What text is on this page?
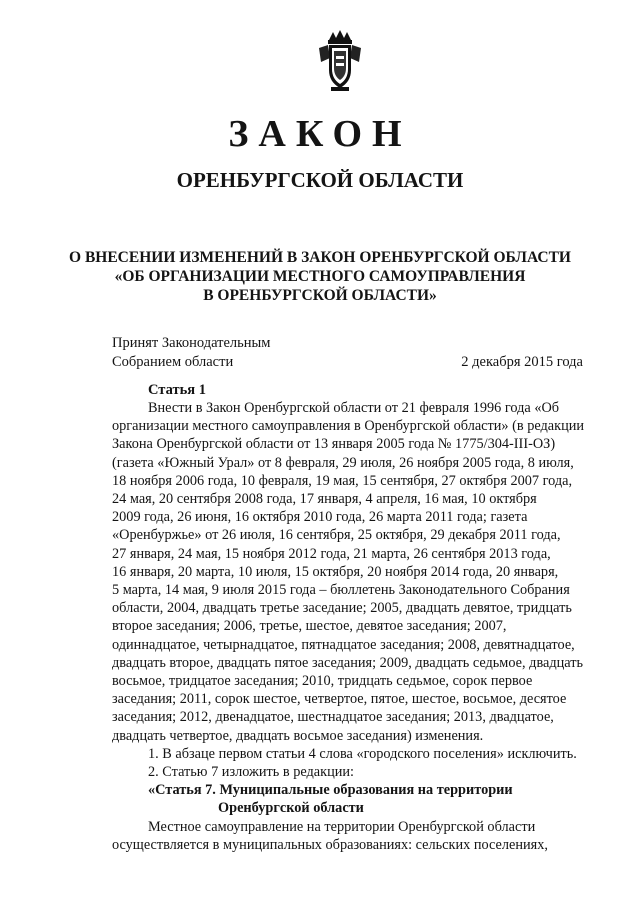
ЗАКОН
ОРЕНБУРГСКОЙ ОБЛАСТИ
О ВНЕСЕНИИ ИЗМЕНЕНИЙ В ЗАКОН ОРЕНБУРГСКОЙ ОБЛАСТИ
«ОБ ОРГАНИЗАЦИИ МЕСТНОГО САМОУПРАВЛЕНИЯ
В ОРЕНБУРГСКОЙ ОБЛАСТИ»
Принят Законодательным
Собранием области	2 декабря 2015 года
Статья 1
Внести в Закон Оренбургской области от 21 февраля 1996 года «Об
организации местного самоуправления в Оренбургской области» (в редакции
Закона Оренбургской области от 13 января 2005 года № 1775/304-III-ОЗ)
(газета «Южный Урал» от 8 февраля, 29 июля, 26 ноября 2005 года, 8 июля,
18 ноября 2006 года, 10 февраля, 19 мая, 15 сентября, 27 октября 2007 года,
24 мая, 20 сентября 2008 года, 17 января, 4 апреля, 16 мая, 10 октября
2009 года, 26 июня, 16 октября 2010 года, 26 марта 2011 года; газета
«Оренбуржье» от 26 июля, 16 сентября, 25 октября, 29 декабря 2011 года,
27 января, 24 мая, 15 ноября 2012 года, 21 марта, 26 сентября 2013 года,
16 января, 20 марта, 10 июля, 15 октября, 20 ноября 2014 года, 20 января,
5 марта, 14 мая, 9 июля 2015 года – бюллетень Законодательного Собрания
области, 2004, двадцать третье заседание; 2005, двадцать девятое, тридцать
второе заседания; 2006, третье, шестое, девятое заседания; 2007,
одиннадцатое, четырнадцатое, пятнадцатое заседания; 2008, девятнадцатое,
двадцать второе, двадцать пятое заседания; 2009, двадцать седьмое, двадцать
восьмое, тридцатое заседания; 2010, тридцать седьмое, сорок первое
заседания; 2011, сорок шестое, четвертое, пятое, шестое, восьмое, десятое
заседания; 2012, двенадцатое, шестнадцатое заседания; 2013, двадцатое,
двадцать четвертое, двадцать восьмое заседания) изменения.
1. В абзаце первом статьи 4 слова «городского поселения» исключить.
2. Статью 7 изложить в редакции:
«Статья 7. Муниципальные образования на территории
Оренбургской области
Местное самоуправление на территории Оренбургской области
осуществляется в муниципальных образованиях: сельских поселениях,
